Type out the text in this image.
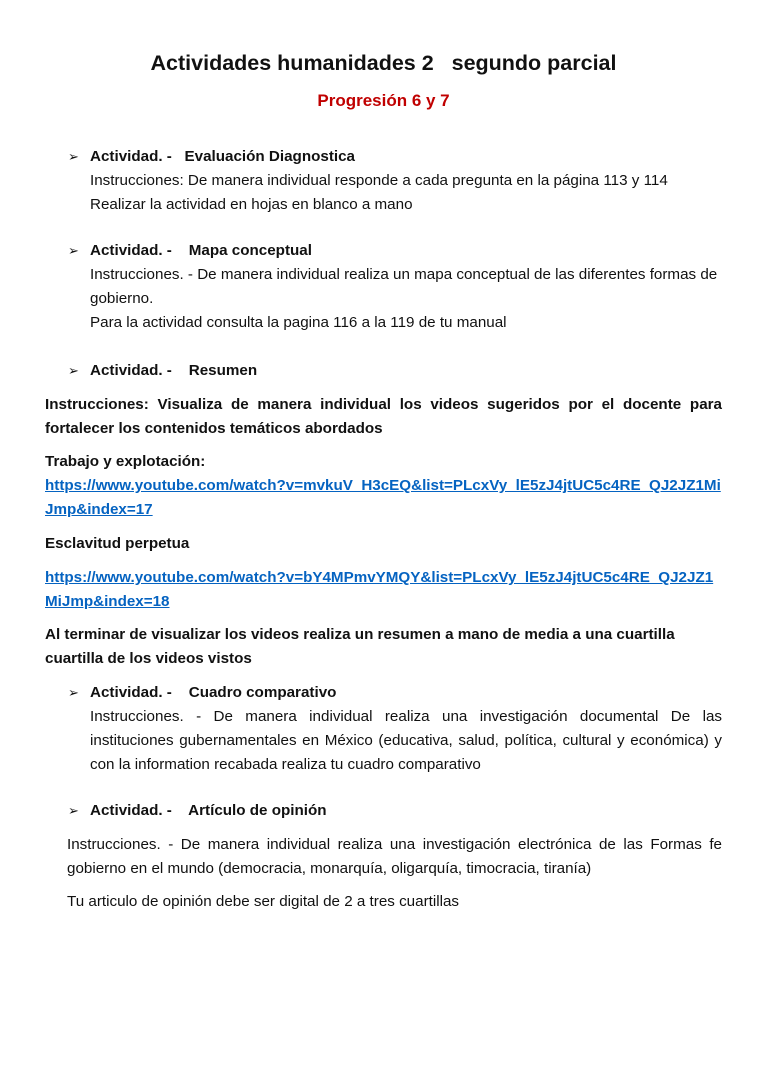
Actividades humanidades 2   segundo parcial
Progresión 6 y 7
➢ Actividad. -   Evaluación Diagnostica
Instrucciones: De manera individual responde a cada pregunta en la página 113 y 114
Realizar la actividad en hojas en blanco a mano
➢ Actividad. -    Mapa conceptual
Instrucciones. - De manera individual realiza un mapa conceptual de las diferentes formas de gobierno.
Para la actividad consulta la pagina 116 a la 119 de tu manual
➢ Actividad. -    Resumen
Instrucciones: Visualiza de manera individual los videos sugeridos por el docente para fortalecer los contenidos temáticos abordados
Trabajo y explotación:
https://www.youtube.com/watch?v=mvkuV_H3cEQ&list=PLcxVy_lE5zJ4jtUC5c4RE_QJ2JZ1MiJmp&index=17
Esclavitud perpetua
https://www.youtube.com/watch?v=bY4MPmvYMQY&list=PLcxVy_lE5zJ4jtUC5c4RE_QJ2JZ1MiJmp&index=18
Al terminar de visualizar los videos realiza un resumen a mano de media a una cuartilla cuartilla de los videos vistos
➢ Actividad. -    Cuadro comparativo
Instrucciones. - De manera individual realiza una investigación documental De las instituciones gubernamentales en México (educativa, salud, política, cultural y económica) y con la information recabada realiza tu cuadro comparativo
➢ Actividad. -    Artículo de opinión
Instrucciones. - De manera individual realiza una investigación electrónica de las Formas fe gobierno en el mundo (democracia, monarquía, oligarquía, timocracia, tiranía)
Tu articulo de opinión debe ser digital de 2 a tres cuartillas
